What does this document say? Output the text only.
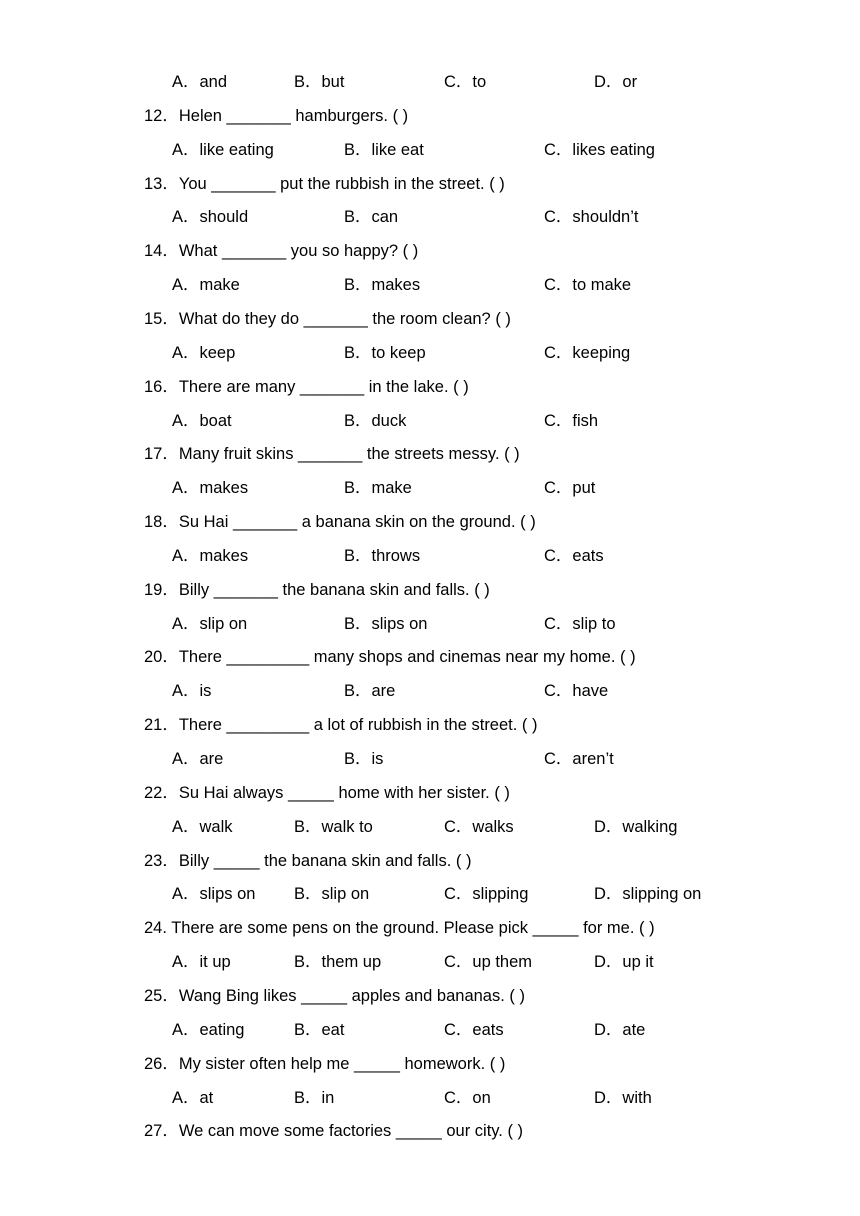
A．and	B．but	C．to	D．or
12．Helen _______ hamburgers. ( )
A．like eating	B．like eat	C．likes eating
13．You _______ put the rubbish in the street. ( )
A．should	B．can	C．shouldn’t
14．What _______ you so happy? ( )
A．make	B．makes	C．to make
15．What do they do _______ the room clean? ( )
A．keep	B．to keep	C．keeping
16．There are many _______ in the lake. ( )
A．boat	B．duck	C．fish
17．Many fruit skins _______ the streets messy. ( )
A．makes	B．make	C．put
18．Su Hai _______ a banana skin on the ground. ( )
A．makes	B．throws	C．eats
19．Billy _______ the banana skin and falls. ( )
A．slip on	B．slips on	C．slip to
20．There _________ many shops and cinemas near my home. ( )
A．is	B．are	C．have
21．There _________ a lot of rubbish in the street. ( )
A．are	B．is	C．aren’t
22．Su Hai always _____ home with her sister. ( )
A．walk	B．walk to	C．walks	D．walking
23．Billy _____ the banana skin and falls. ( )
A．slips on B．slip on	C．slipping	D．slipping on
24. There are some pens on the ground. Please pick _____ for me. ( )
A．it up	B．them up	C．up them	D．up it
25．Wang Bing likes _____ apples and bananas. ( )
A．eating	B．eat	C．eats	D．ate
26．My sister often help me _____ homework. ( )
A．at	B．in	C．on	D．with
27．We can move some factories _____ our city. ( )
